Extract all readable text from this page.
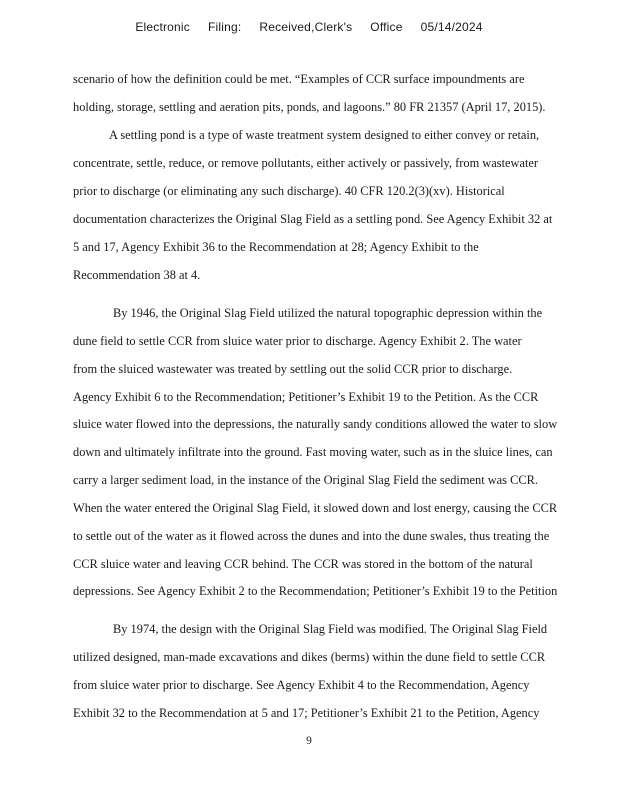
Electronic Filing: Received,Clerk's Office 05/14/2024
scenario of how the definition could be met. “Examples of CCR surface impoundments are
holding, storage, settling and aeration pits, ponds, and lagoons.” 80 FR 21357 (April 17, 2015).
A settling pond is a type of waste treatment system designed to either convey or retain,
concentrate, settle, reduce, or remove pollutants, either actively or passively, from wastewater
prior to discharge (or eliminating any such discharge). 40 CFR 120.2(3)(xv). Historical
documentation characterizes the Original Slag Field as a settling pond. See Agency Exhibit 32 at
5 and 17, Agency Exhibit 36 to the Recommendation at 28; Agency Exhibit to the
Recommendation 38 at 4.
By 1946, the Original Slag Field utilized the natural topographic depression within the
dune field to settle CCR from sluice water prior to discharge. Agency Exhibit 2. The water
from the sluiced wastewater was treated by settling out the solid CCR prior to discharge.
Agency Exhibit 6 to the Recommendation; Petitioner’s Exhibit 19 to the Petition. As the CCR
sluice water flowed into the depressions, the naturally sandy conditions allowed the water to slow
down and ultimately infiltrate into the ground. Fast moving water, such as in the sluice lines, can
carry a larger sediment load, in the instance of the Original Slag Field the sediment was CCR.
When the water entered the Original Slag Field, it slowed down and lost energy, causing the CCR
to settle out of the water as it flowed across the dunes and into the dune swales, thus treating the
CCR sluice water and leaving CCR behind. The CCR was stored in the bottom of the natural
depressions. See Agency Exhibit 2 to the Recommendation; Petitioner’s Exhibit 19 to the Petition
By 1974, the design with the Original Slag Field was modified. The Original Slag Field
utilized designed, man-made excavations and dikes (berms) within the dune field to settle CCR
from sluice water prior to discharge. See Agency Exhibit 4 to the Recommendation, Agency
Exhibit 32 to the Recommendation at 5 and 17; Petitioner’s Exhibit 21 to the Petition, Agency
9
